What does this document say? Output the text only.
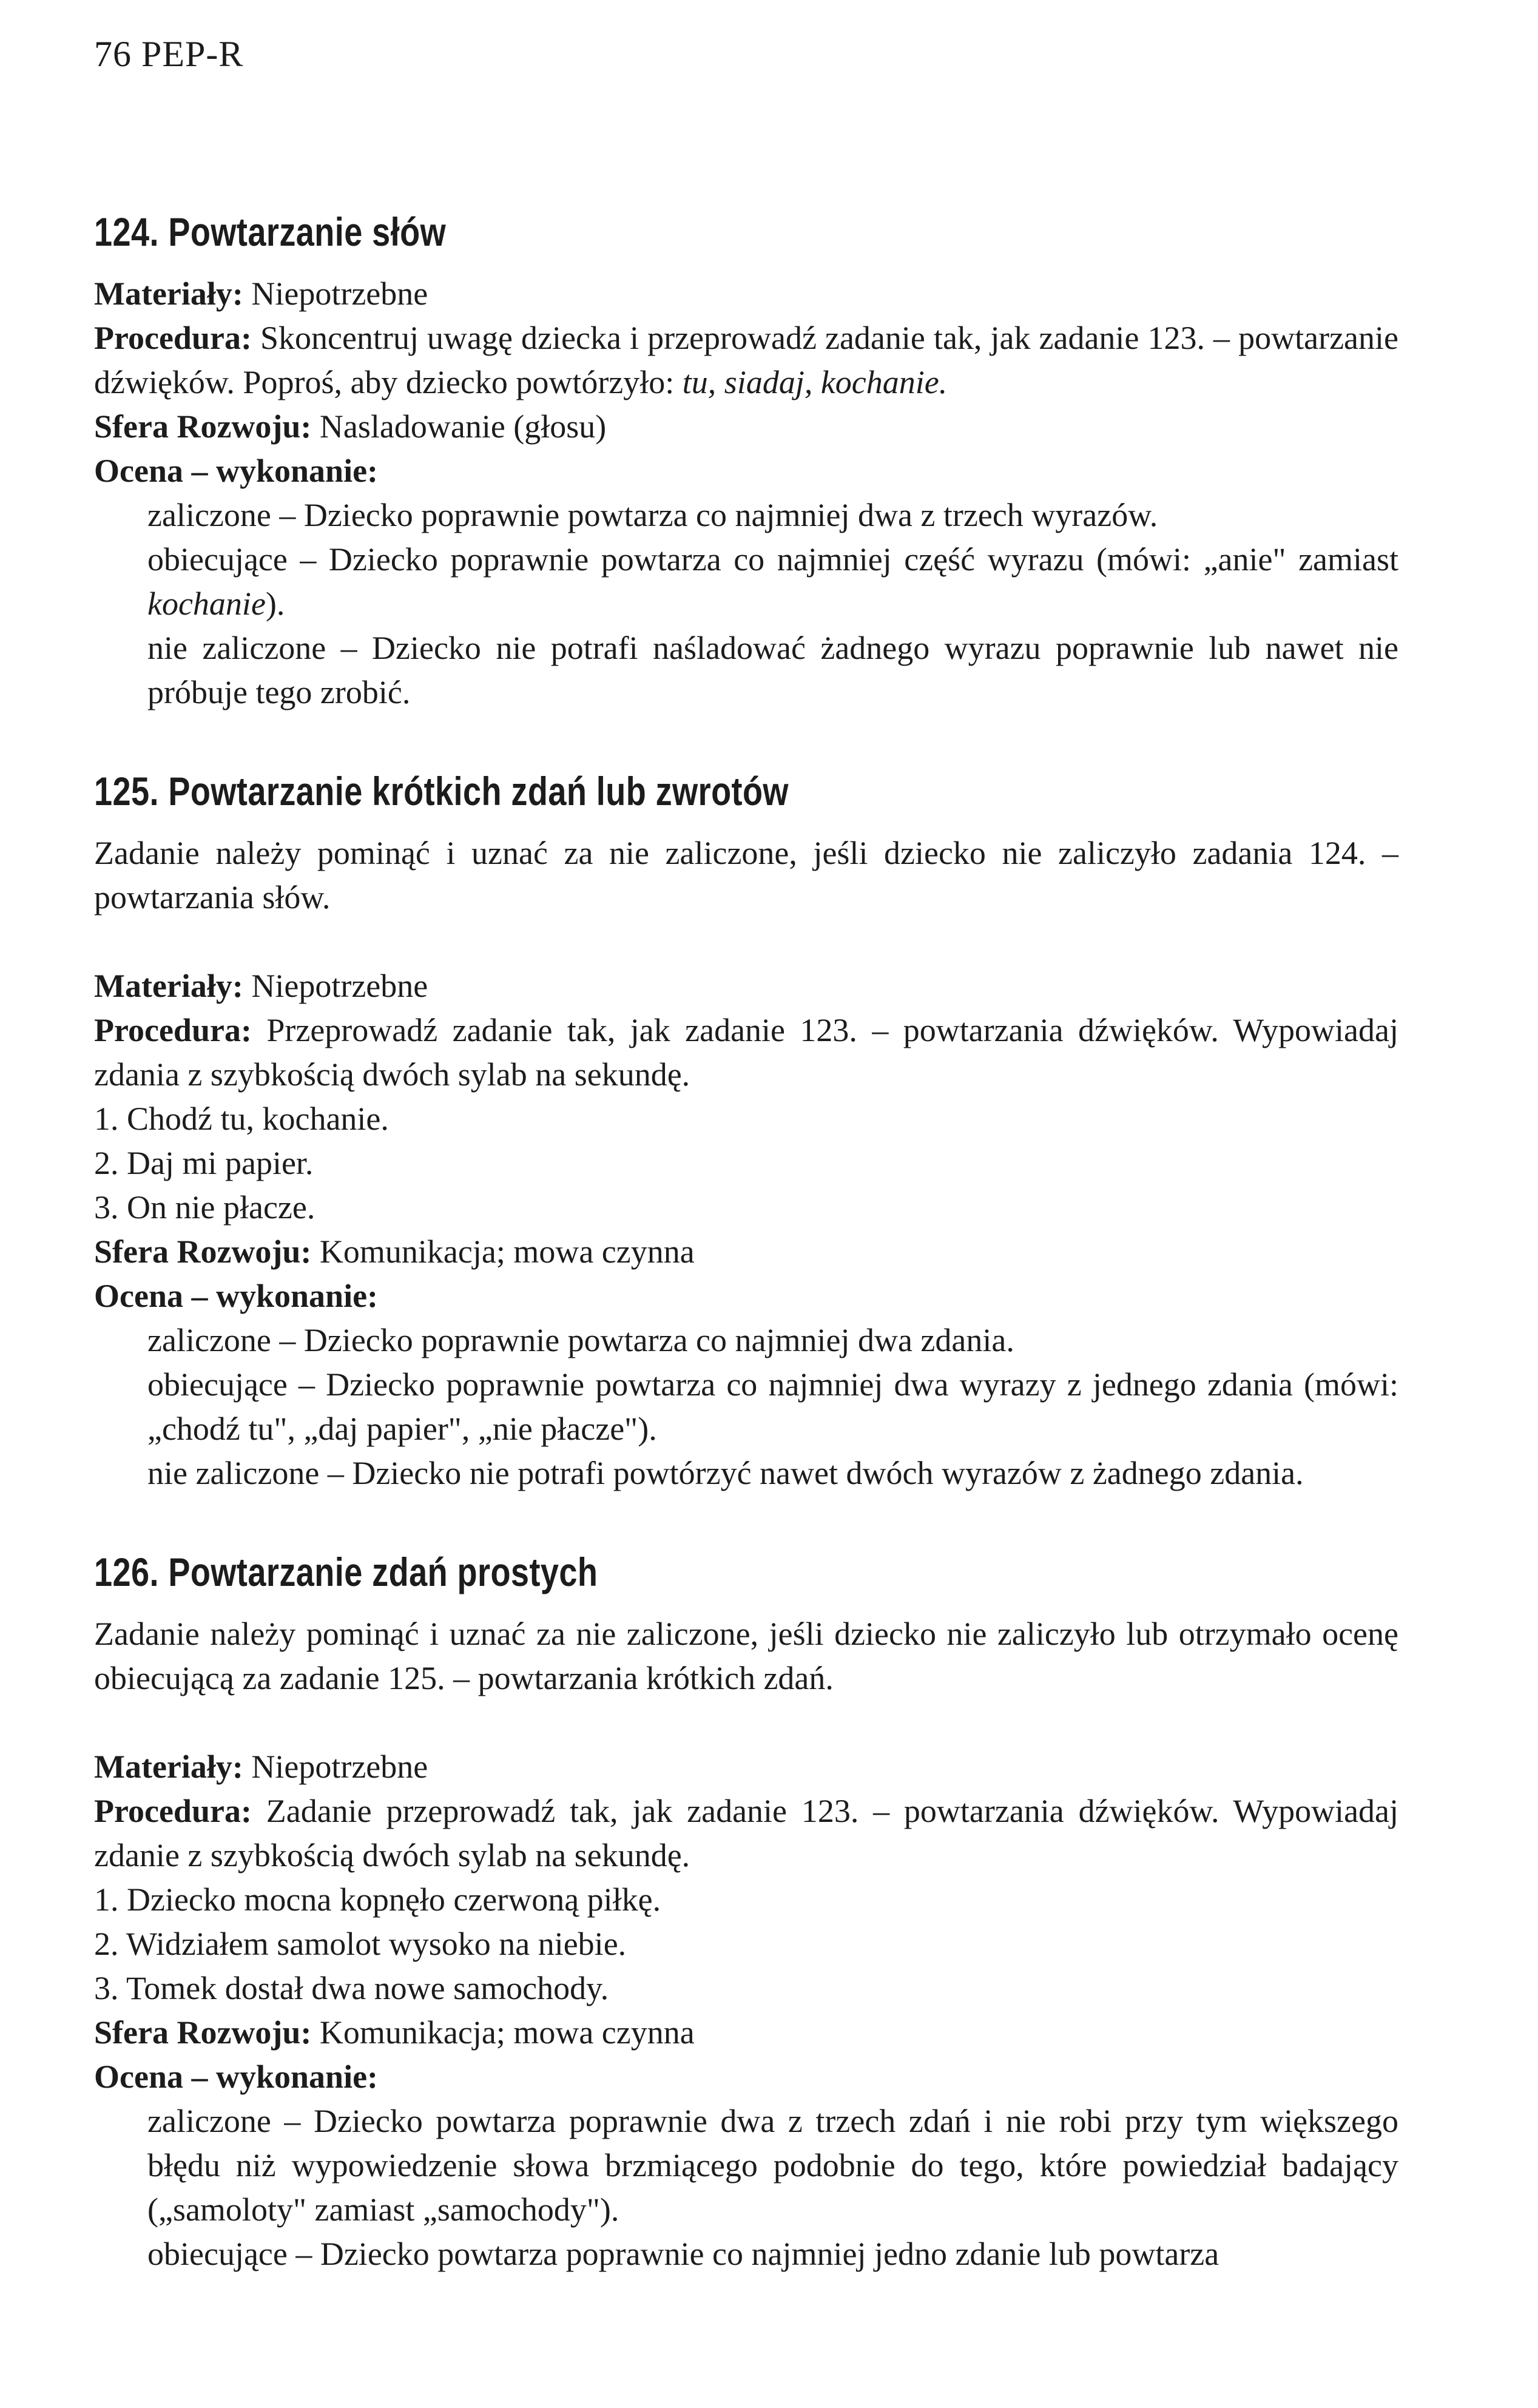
76 PEP-R
124. Powtarzanie słów

Materiały: Niepotrzebne

Procedura: Skoncentruj uwagę dziecka i przeprowadź zadanie tak, jak zadanie 123. – powtarzanie dźwięków. Poproś, aby dziecko powtórzyło: tu, siadaj, kochanie.

Sfera Rozwoju: Nasladowanie (głosu)

Ocena – wykonanie:

zaliczone – Dziecko poprawnie powtarza co najmniej dwa z trzech wyrazów.

obiecujące – Dziecko poprawnie powtarza co najmniej część wyrazu (mówi: „anie" zamiast kochanie).

nie zaliczone – Dziecko nie potrafi naśladować żadnego wyrazu poprawnie lub nawet nie próbuje tego zrobić.

125. Powtarzanie krótkich zdań lub zwrotów

Zadanie należy pominąć i uznać za nie zaliczone, jeśli dziecko nie zaliczyło zadania 124. – powtarzania słów.

Materiały: Niepotrzebne

Procedura: Przeprowadź zadanie tak, jak zadanie 123. – powtarzania dźwięków. Wypowiadaj zdania z szybkością dwóch sylab na sekundę.

1. Chodź tu, kochanie.

2. Daj mi papier.

3. On nie płacze.

Sfera Rozwoju: Komunikacja; mowa czynna

Ocena – wykonanie:

zaliczone – Dziecko poprawnie powtarza co najmniej dwa zdania.

obiecujące – Dziecko poprawnie powtarza co najmniej dwa wyrazy z jednego zdania (mówi: „chodź tu", „daj papier", „nie płacze").

nie zaliczone – Dziecko nie potrafi powtórzyć nawet dwóch wyrazów z żadnego zdania.

126. Powtarzanie zdań prostych

Zadanie należy pominąć i uznać za nie zaliczone, jeśli dziecko nie zaliczyło lub otrzymało ocenę obiecującą za zadanie 125. – powtarzania krótkich zdań.

Materiały: Niepotrzebne

Procedura: Zadanie przeprowadź tak, jak zadanie 123. – powtarzania dźwięków. Wypowiadaj zdanie z szybkością dwóch sylab na sekundę.

1. Dziecko mocna kopnęło czerwoną piłkę.

2. Widziałem samolot wysoko na niebie.

3. Tomek dostał dwa nowe samochody.

Sfera Rozwoju: Komunikacja; mowa czynna

Ocena – wykonanie:

zaliczone – Dziecko powtarza poprawnie dwa z trzech zdań i nie robi przy tym większego błędu niż wypowiedzenie słowa brzmiącego podobnie do tego, które powiedział badający („samoloty" zamiast „samochody").

obiecujące – Dziecko powtarza poprawnie co najmniej jedno zdanie lub powtarza
